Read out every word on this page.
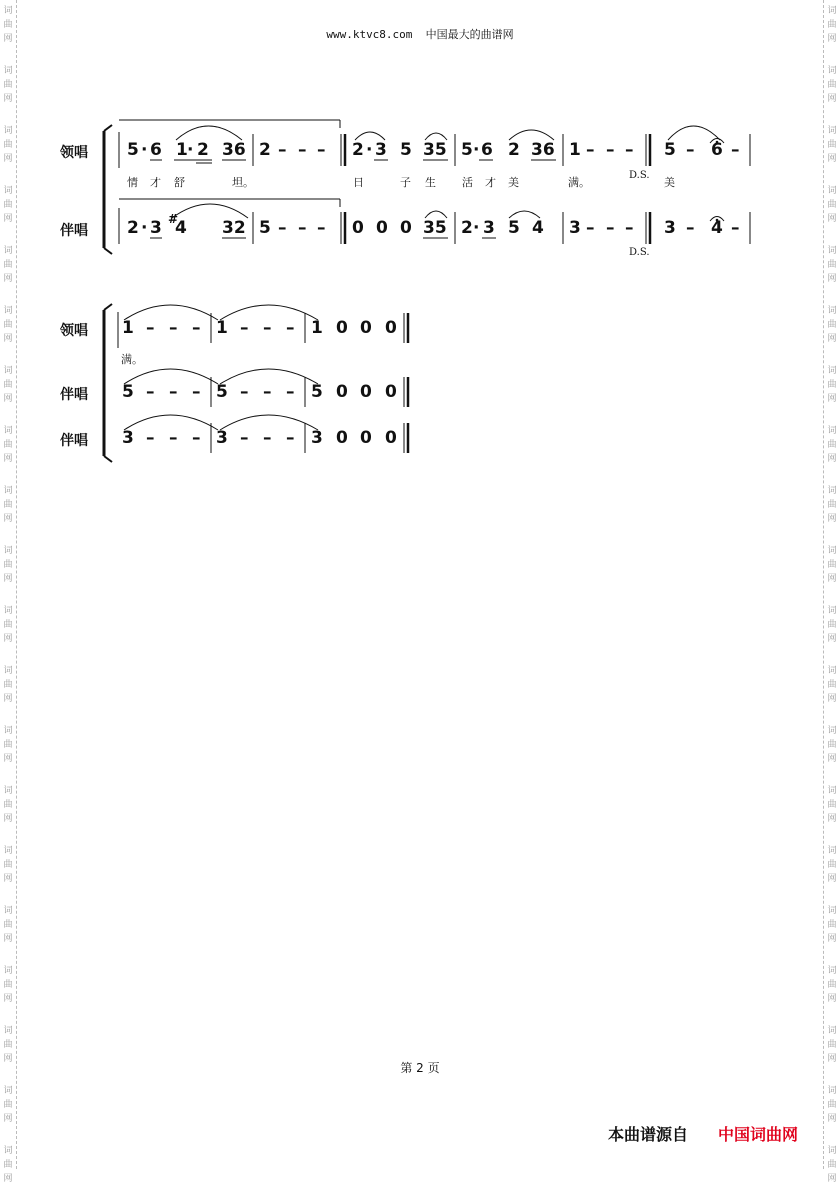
词
曲
网
词
曲
网
词
曲
网
词
曲
网
词
曲
网
词
曲
网
词
曲
网
词
曲
网
词
曲
网
词
曲
网
词
曲
网
词
曲
网
词
曲
网
词
曲
网
词
曲
网
词
曲
网
词
曲
网
词
曲
网
词
曲
网
词
曲
网
词
曲
网
词
曲
网
词
曲
网
词
曲
网
词
曲
网
词
曲
网
词
曲
网
词
曲
网
词
曲
网
词
曲
网
词
曲
网
词
曲
网
词
曲
网
词
曲
网
词
曲
网
词
曲
网
词
曲
网
词
曲
网
词
曲
网
词
曲
网
www.ktvc8.com 中国最大的曲谱网
领唱
伴唱
5 · 6 1 · 2 36 2 – – – 2 · 3 5 35 5 · 6 2 36 1 – – – 5 – 6 –
情 才 舒	坦。	日	子 生 活 才 美	满。
D.S.
美
2 · 3 #
4 32 5 – – – 0 0 0 35 2 · 3 5 4 3 – – – 3 – 4 –
D.S.
领唱
伴唱
伴唱
1 – – – 1 – – – 1 0 0 0
满。
5 – – – 5 – – – 5 0 0 0
3 – – – 3 – – – 3 0 0 0
第 2 页
本曲谱源自 中国词曲网
